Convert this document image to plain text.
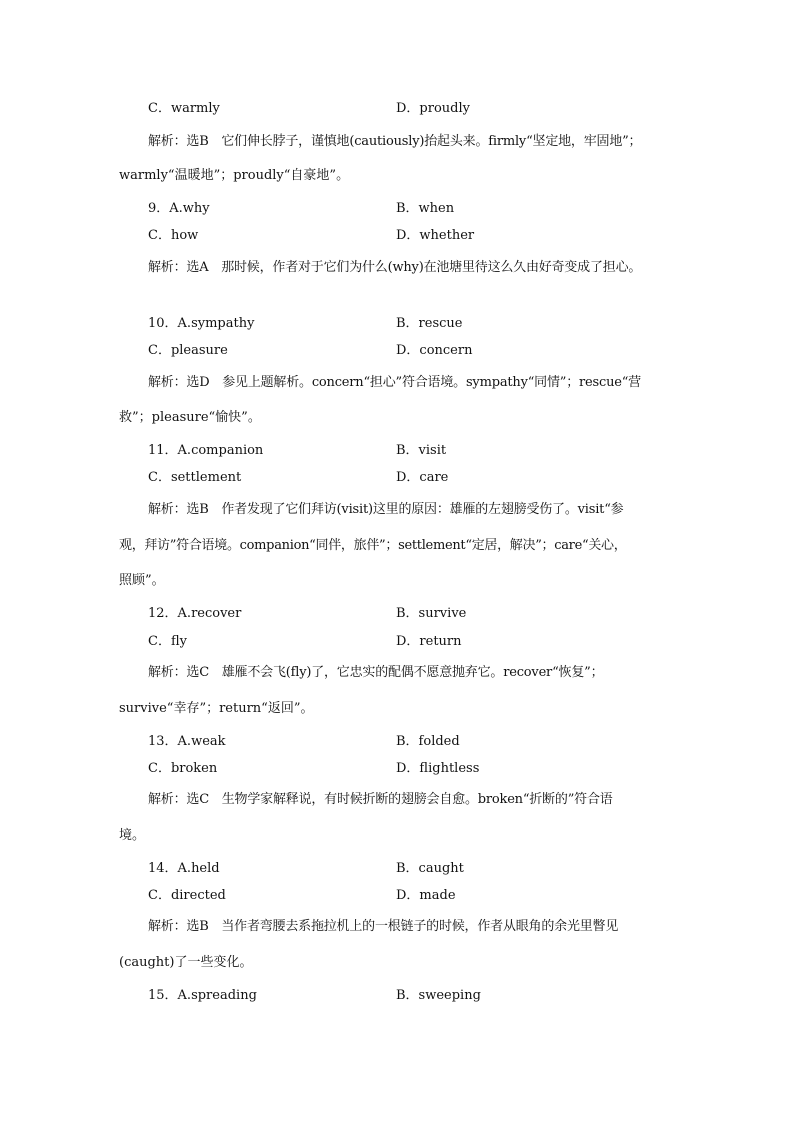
C．warmly	D．proudly
解析：选B　它们伸长脖子，谨慎地(cautiously)抬起头来。firmly“坚定地，牢固地”；
warmly“温暖地”；proudly“自豪地”。
9．A.why	B．when
C．how	D．whether
解析：选A　那时候，作者对于它们为什么(why)在池塘里待这么久由好奇变成了担心。
10．A.sympathy	B．rescue
C．pleasure	D．concern
解析：选D　参见上题解析。concern“担心”符合语境。sympathy“同情”；rescue“营
救”；pleasure“愉快”。
11．A.companion	B．visit
C．settlement	D．care
解析：选B　作者发现了它们拜访(visit)这里的原因：雄雁的左翅膀受伤了。visit“参
观，拜访”符合语境。companion“同伴，旅伴”；settlement“定居，解决”；care“关心，
照顾”。
12．A.recover	B．survive
C．fly	D．return
解析：选C　雄雁不会飞(fly)了，它忠实的配偶不愿意抛弃它。recover“恢复”；
survive“幸存”；return“返回”。
13．A.weak	B．folded
C．broken	D．flightless
解析：选C　生物学家解释说，有时候折断的翅膀会自愈。broken“折断的”符合语
境。
14．A.held	B．caught
C．directed	D．made
解析：选B　当作者弯腰去系拖拉机上的一根链子的时候，作者从眼角的余光里瞥见
(caught)了一些变化。
15．A.spreading	B．sweeping
